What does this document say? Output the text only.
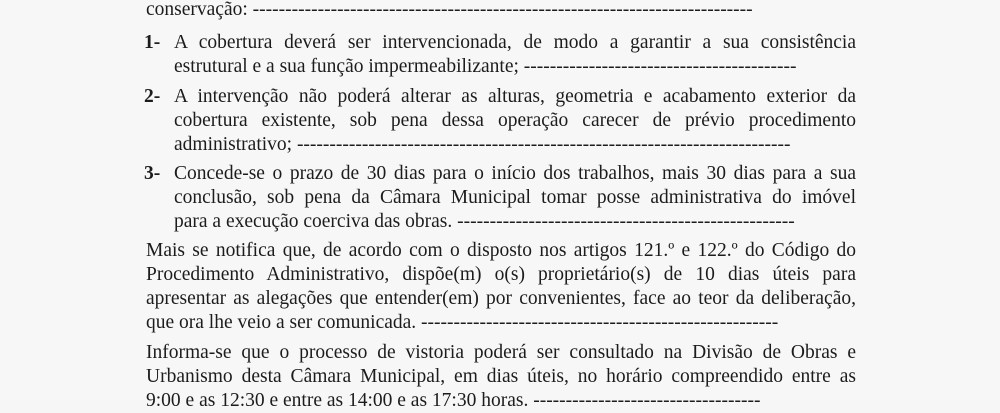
conservação: -----------------------------------------------------------------------------
1- A cobertura deverá ser intervencionada, de modo a garantir a sua consistência
estrutural e a sua função impermeabilizante; ------------------------------------------
2- A intervenção não poderá alterar as alturas, geometria e acabamento exterior da
cobertura existente, sob pena dessa operação carecer de prévio procedimento
administrativo; ----------------------------------------------------------------------------
3- Concede-se o prazo de 30 dias para o início dos trabalhos, mais 30 dias para a sua
conclusão, sob pena da Câmara Municipal tomar posse administrativa do imóvel
para a execução coerciva das obras. ----------------------------------------------------
Mais se notifica que, de acordo com o disposto nos artigos 121.º e 122.º do Código do
Procedimento Administrativo, dispõe(m) o(s) proprietário(s) de 10 dias úteis para
apresentar as alegações que entender(em) por convenientes, face ao teor da deliberação,
que ora lhe veio a ser comunicada. -------------------------------------------------------
Informa-se que o processo de vistoria poderá ser consultado na Divisão de Obras e
Urbanismo desta Câmara Municipal, em dias úteis, no horário compreendido entre as
9:00 e as 12:30 e entre as 14:00 e as 17:30 horas. -----------------------------------
